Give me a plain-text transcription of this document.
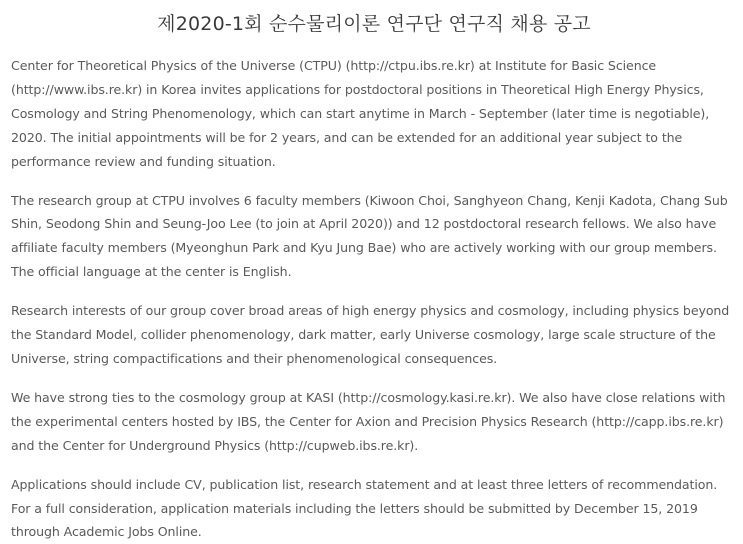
제2020-1회 순수물리이론 연구단 연구직 채용 공고

Center for Theoretical Physics of the Universe (CTPU) (http://ctpu.ibs.re.kr) at Institute for Basic Science (http://www.ibs.re.kr) in Korea invites applications for postdoctoral positions in Theoretical High Energy Physics, Cosmology and String Phenomenology, which can start anytime in March - September (later time is negotiable), 2020. The initial appointments will be for 2 years, and can be extended for an additional year subject to the performance review and funding situation.

The research group at CTPU involves 6 faculty members (Kiwoon Choi, Sanghyeon Chang, Kenji Kadota, Chang Sub Shin, Seodong Shin and Seung-Joo Lee (to join at April 2020)) and 12 postdoctoral research fellows. We also have affiliate faculty members (Myeonghun Park and Kyu Jung Bae) who are actively working with our group members. The official language at the center is English.

Research interests of our group cover broad areas of high energy physics and cosmology, including physics beyond the Standard Model, collider phenomenology, dark matter, early Universe cosmology, large scale structure of the Universe, string compactifications and their phenomenological consequences.

We have strong ties to the cosmology group at KASI (http://cosmology.kasi.re.kr). We also have close relations with the experimental centers hosted by IBS, the Center for Axion and Precision Physics Research (http://capp.ibs.re.kr) and the Center for Underground Physics (http://cupweb.ibs.re.kr).

Applications should include CV, publication list, research statement and at least three letters of recommendation. For a full consideration, application materials including the letters should be submitted by December 15, 2019 through Academic Jobs Online.
